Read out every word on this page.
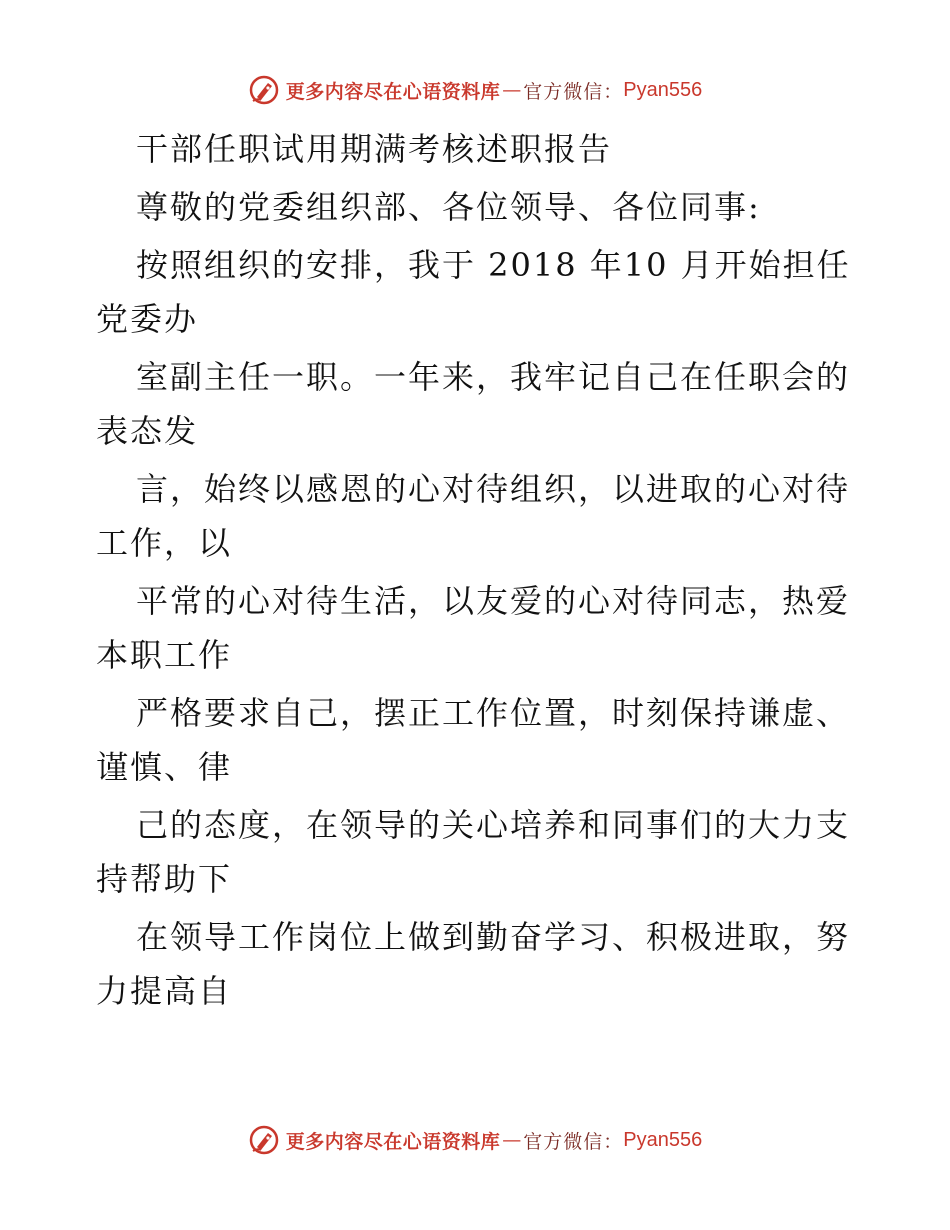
更多内容尽在心语资料库 — 官方微信： Pyan556
干部任职试用期满考核述职报告
尊敬的党委组织部、各位领导、各位同事:
按照组织的安排，我于 2018 年10 月开始担任
党委办
室副主任一职。一年来，我牢记自己在任职会的
表态发
言，始终以感恩的心对待组织，以进取的心对待
工作，以
平常的心对待生活，以友爱的心对待同志，热爱
本职工作
严格要求自己，摆正工作位置，时刻保持谦虚、
谨慎、律
己的态度，在领导的关心培养和同事们的大力支
持帮助下
在领导工作岗位上做到勤奋学习、积极进取，努
力提高自
更多内容尽在心语资料库 — 官方微信： Pyan556
